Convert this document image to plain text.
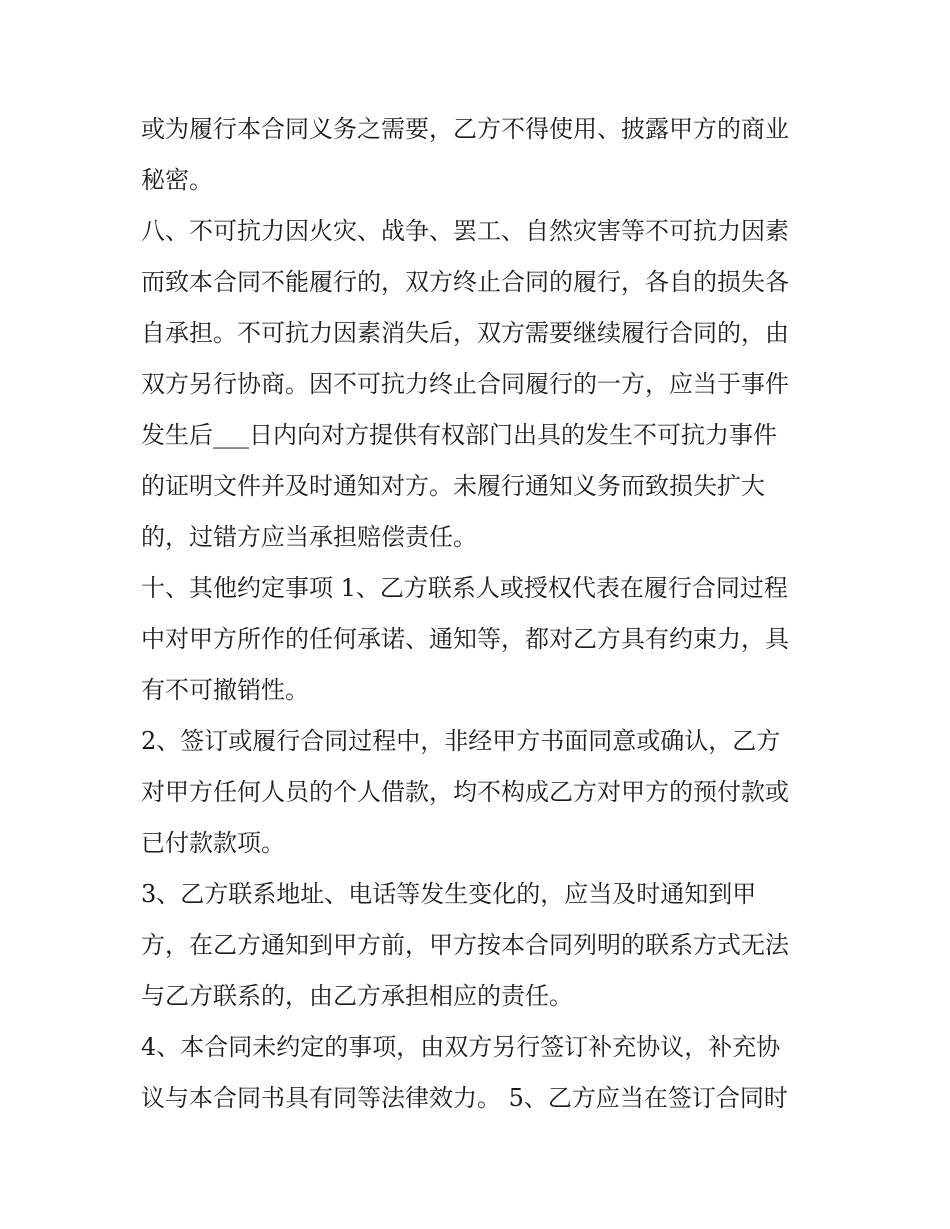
或为履行本合同义务之需要，乙方不得使用、披露甲方的商业
秘密。
八、不可抗力因火灾、战争、罢工、自然灾害等不可抗力因素
而致本合同不能履行的，双方终止合同的履行，各自的损失各
自承担。不可抗力因素消失后，双方需要继续履行合同的，由
双方另行协商。因不可抗力终止合同履行的一方，应当于事件
发生后___日内向对方提供有权部门出具的发生不可抗力事件
的证明文件并及时通知对方。未履行通知义务而致损失扩大
的，过错方应当承担赔偿责任。
十、其他约定事项 1、乙方联系人或授权代表在履行合同过程
中对甲方所作的任何承诺、通知等，都对乙方具有约束力，具
有不可撤销性。
2、签订或履行合同过程中，非经甲方书面同意或确认，乙方
对甲方任何人员的个人借款，均不构成乙方对甲方的预付款或
已付款款项。
3、乙方联系地址、电话等发生变化的，应当及时通知到甲
方，在乙方通知到甲方前，甲方按本合同列明的联系方式无法
与乙方联系的，由乙方承担相应的责任。
4、本合同未约定的事项，由双方另行签订补充协议，补充协
议与本合同书具有同等法律效力。 5、乙方应当在签订合同时
